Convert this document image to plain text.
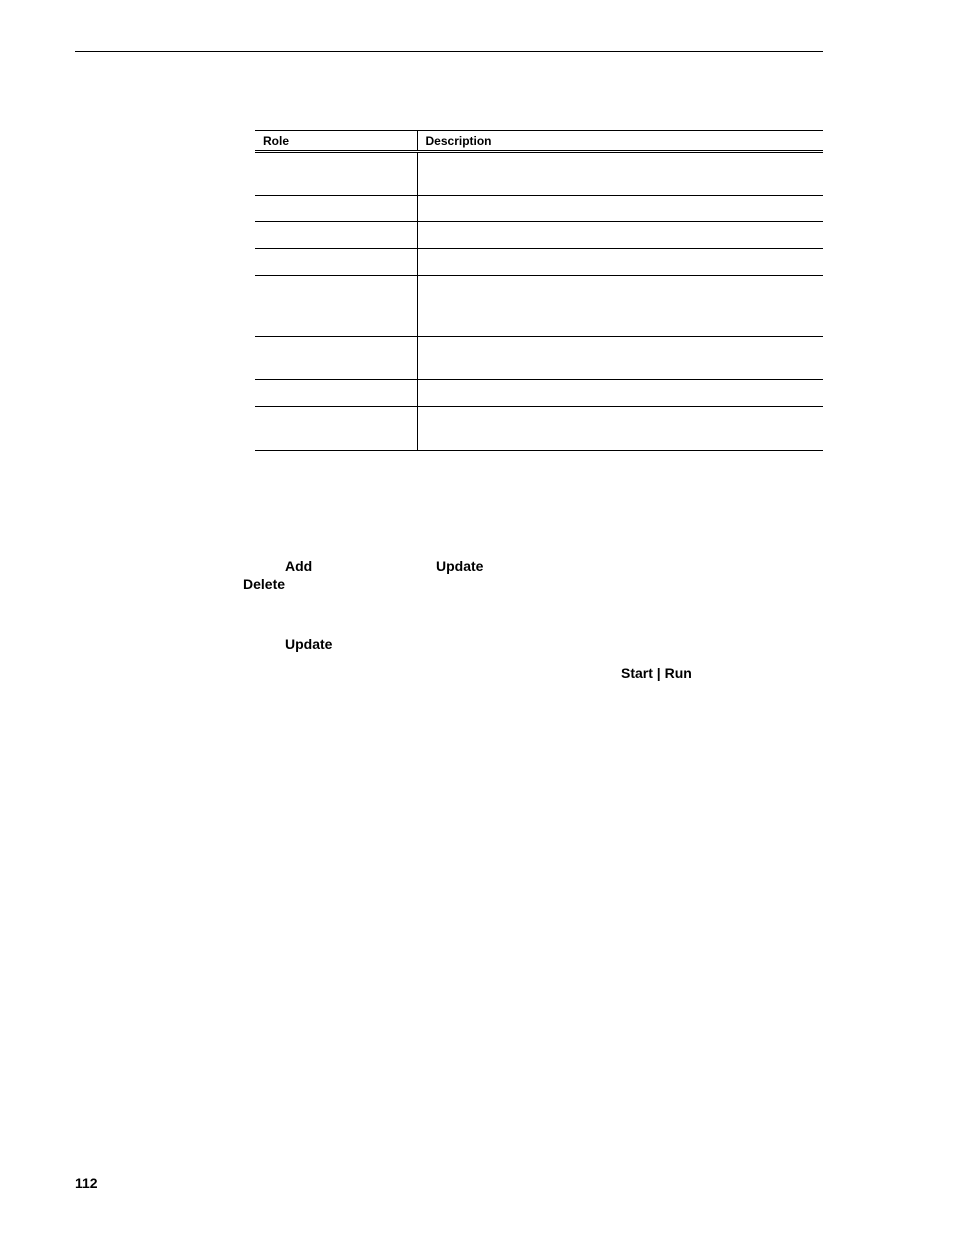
Role	Description

Add	Update
Delete
Update
Start | Run
112
